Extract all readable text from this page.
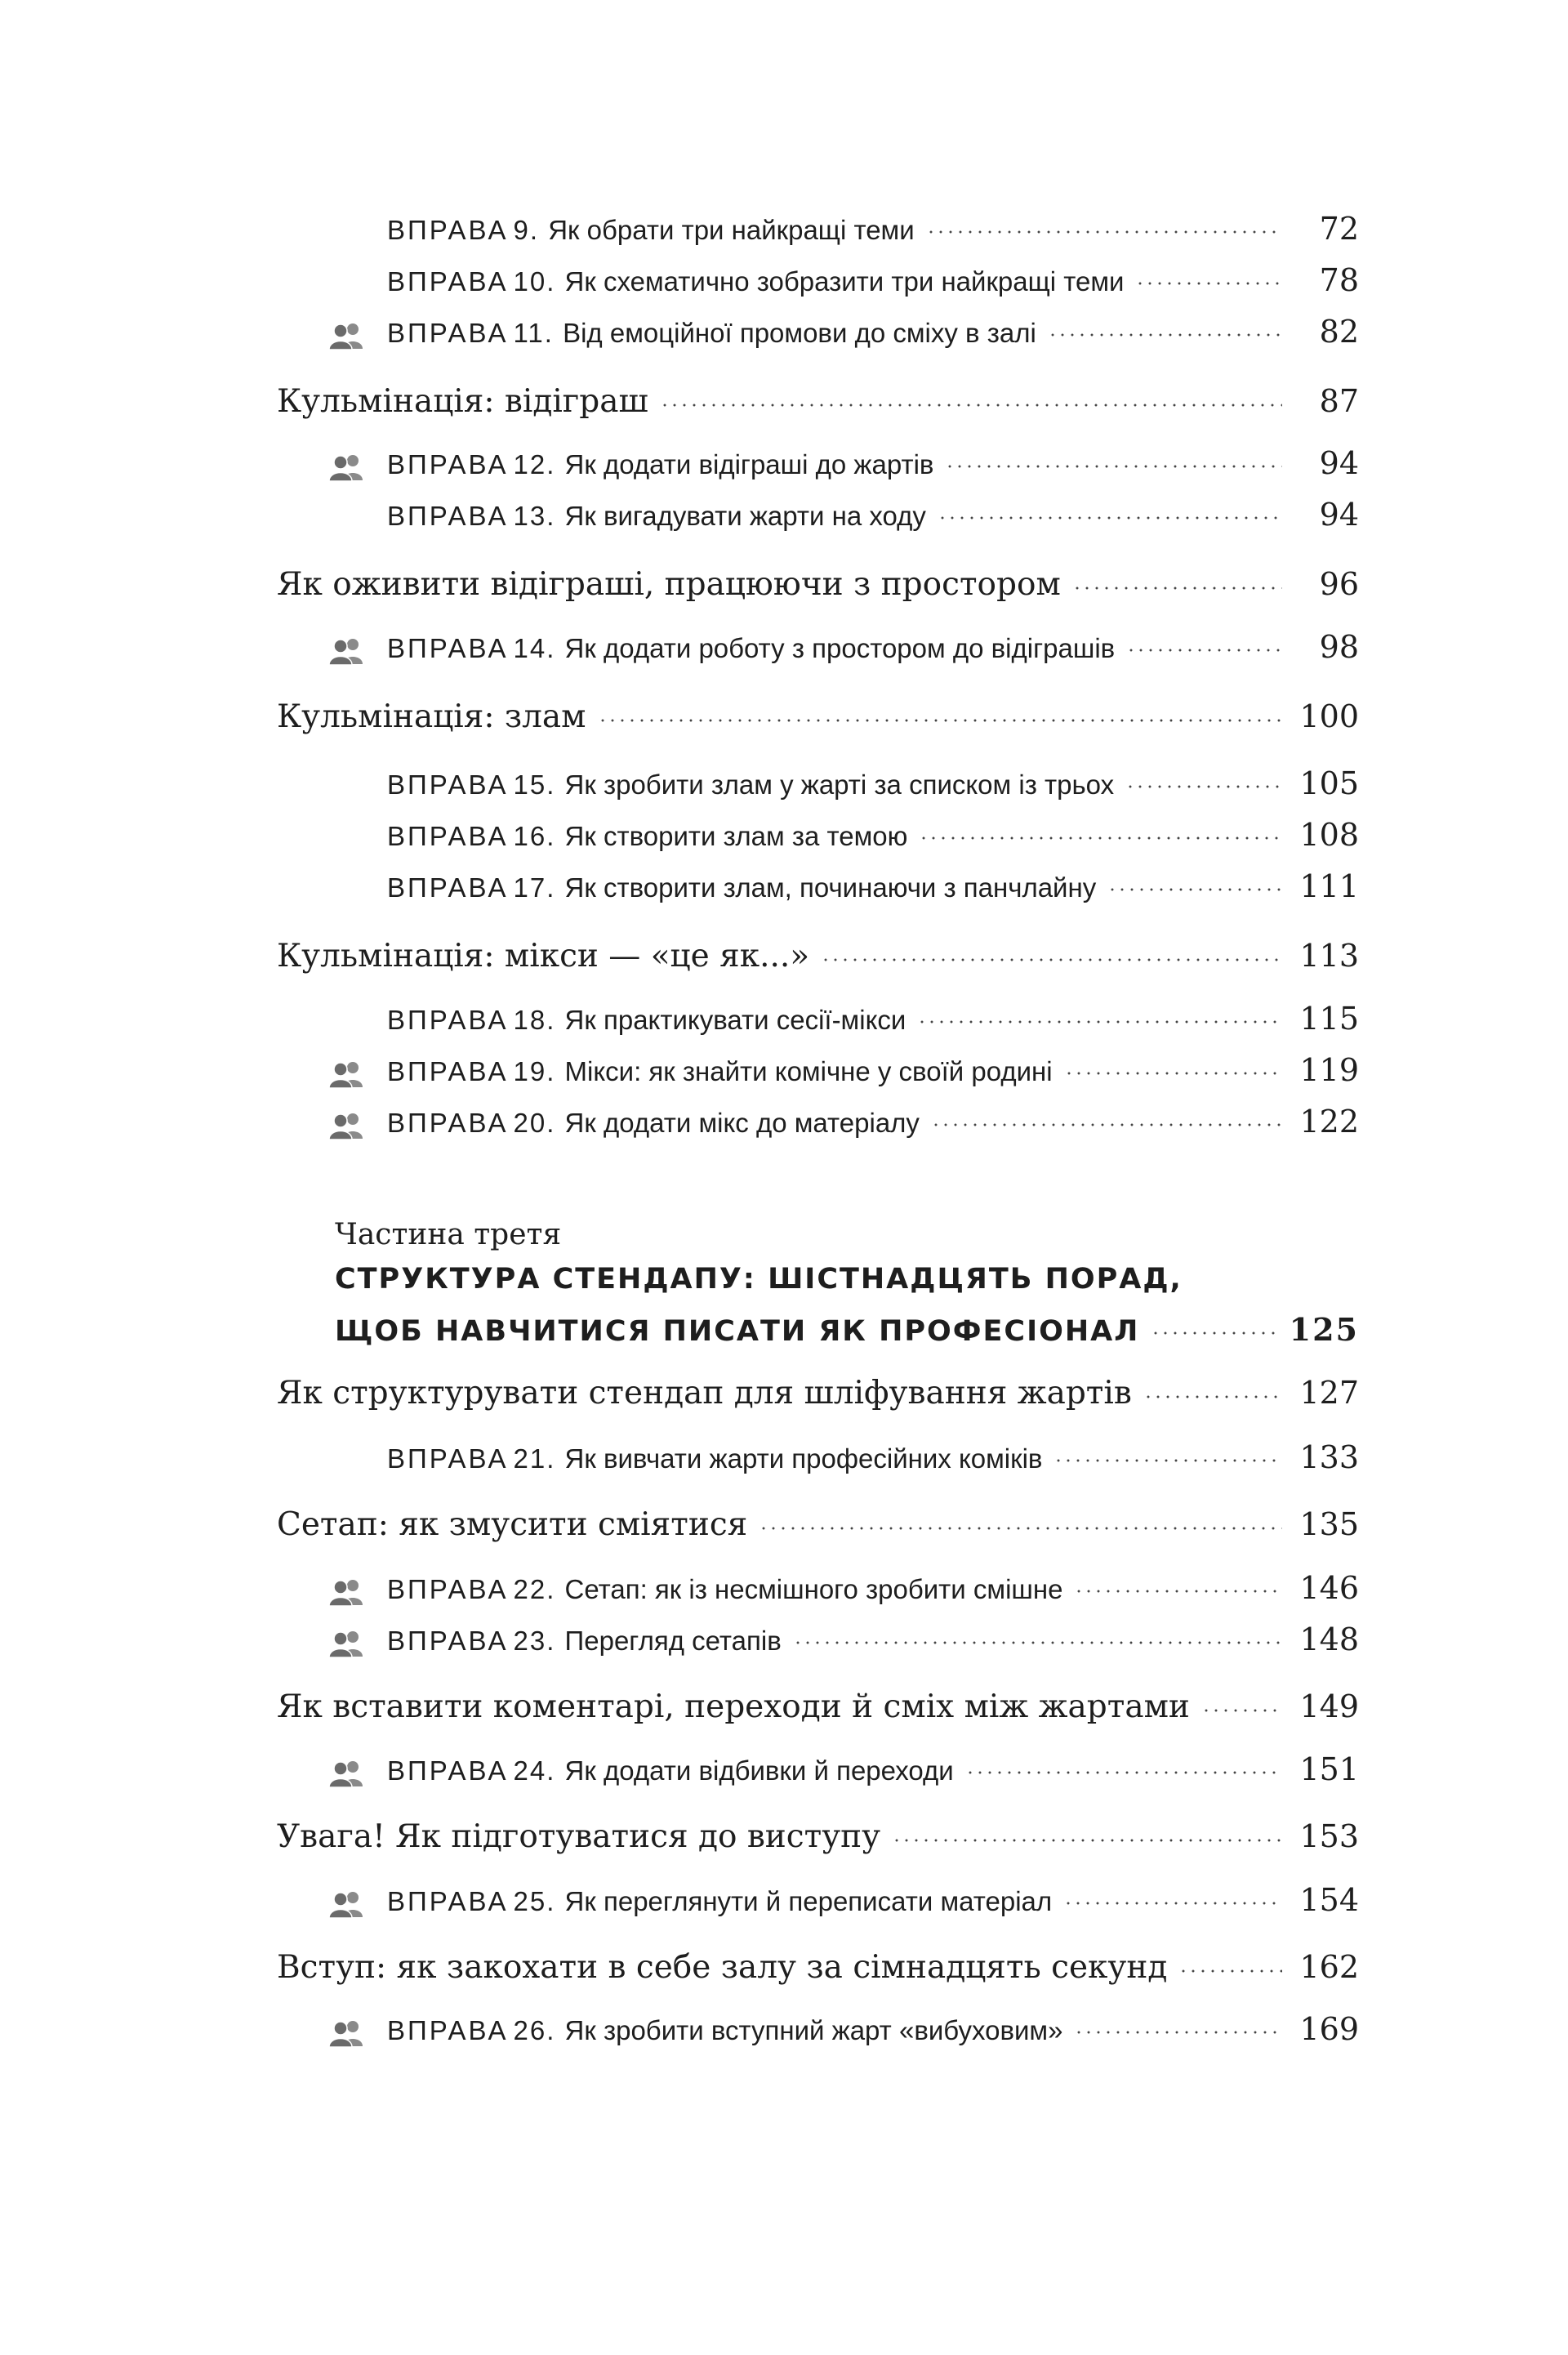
ВПРАВА 9. Як обрати три найкращі теми	72
ВПРАВА 10. Як схематично зобразити три найкрaщі теми	78
ВПРАВА 11. Від емоційної промови до сміху в залі	82
Кульмінація: відіграш	87
ВПРАВА 12. Як додати відіграші до жартів	94
ВПРАВА 13. Як вигадувати жарти на ходу	94
Як оживити відіграші, працюючи з простором	96
ВПРАВА 14. Як додати роботу з простором до відіграшів	98
Кульмінація: злам	100
ВПРАВА 15. Як зробити злам у жарті за списком із трьох	105
ВПРАВА 16. Як створити злам за темою	108
ВПРАВА 17. Як створити злам, починаючи з панчлайну	111
Кульмінація: мікси — «це як...»	113
ВПРАВА 18. Як практикувати сесії-мікси	115
ВПРАВА 19. Мікси: як знайти комічне у своїй родині	119
ВПРАВА 20. Як додати мікс до матеріалу	122
Частина третя
СТРУКТУРА СТЕНДАПУ: ШІСТНАДЦЯТЬ ПОРАД,
ЩОБ НАВЧИТИСЯ ПИСАТИ ЯК ПРОФЕСІОНАЛ	125
Як структурувати стендап для шліфування жартів	127
ВПРАВА 21. Як вивчати жарти професійних коміків	133
Сетап: як змусити сміятися	135
ВПРАВА 22. Сетап: як із несмішного зробити смішне	146
ВПРАВА 23. Перегляд сетапів	148
Як вставити коментарі, переходи й сміх між жартами	149
ВПРАВА 24. Як додати відбивки й переходи	151
Увага! Як підготуватися до виступу	153
ВПРАВА 25. Як переглянути й переписати матеріал	154
Вступ: як закохати в себе залу за сімнадцять секунд	162
ВПРАВА 26. Як зробити вступний жарт «вибуховим»	169
